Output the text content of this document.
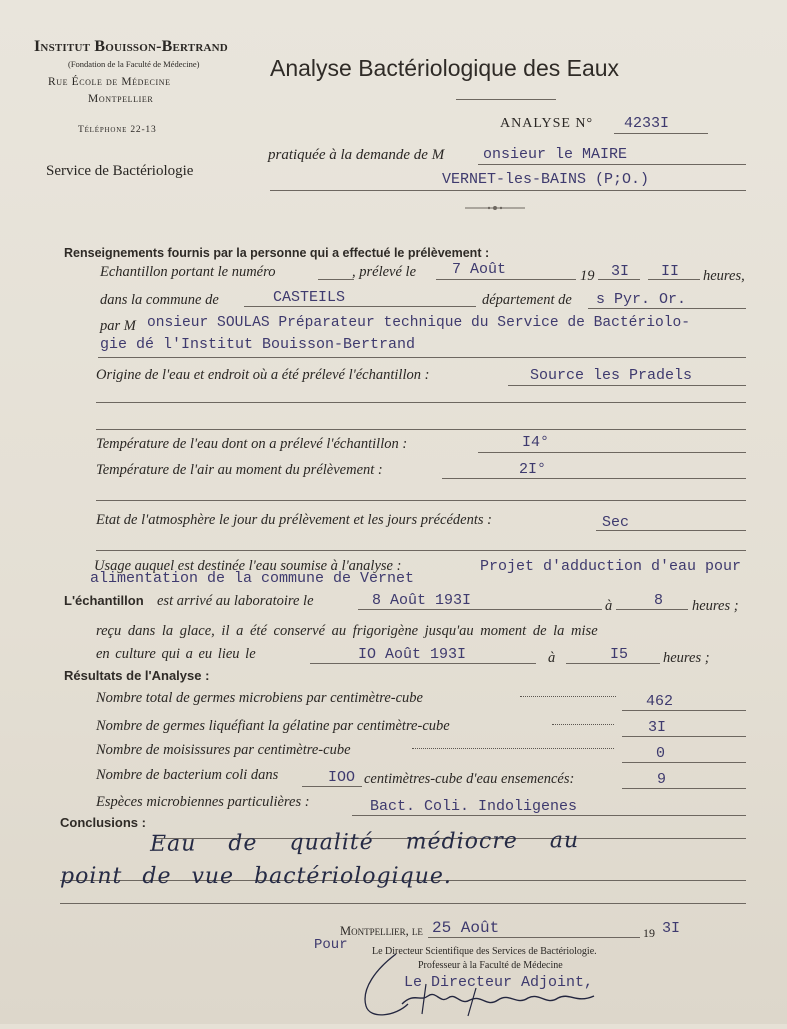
Institut Bouisson-Bertrand
(Fondation de la Faculté de Médecine)
Rue École de Médecine
Montpellier
Téléphone 22-13
Service de Bactériologie
Analyse Bactériologique des Eaux
ANALYSE N° 4233I
pratiquée à la demande de M	onsieur le MAIRE
VERNET-les-BAINS (P;O.)
Renseignements fournis par la personne qui a effectué le prélèvement :
Echantillon portant le numéro	, prélevé le 7 Août	19 3I II heures,
dans la commune de	CASTEILS	département de s Pyr. Or.
par M onsieur SOULAS Préparateur technique du Service de Bactériolo-
gie dé l'Institut Bouisson-Bertrand
Origine de l'eau et endroit où a été prélevé l'échantillon :	Source les Pradels
Température de l'eau dont on a prélevé l'échantillon :	I4°
Température de l'air au moment du prélèvement :	2I°
Etat de l'atmosphère le jour du prélèvement et les jours précédents :	Sec
Usage auquel est destinée l'eau soumise à l'analyse :	Projet d'adduction d'eau pour
alimentation de la commune de Vernet
L'échantillon est arrivé au laboratoire le	8 Août 193I	à	8 heures ;
reçu dans la glace, il a été conservé au frigorigène jusqu'au moment de la mise
en culture qui a eu lieu le	IO Août 193I	à	I5 heures ;
Résultats de l'Analyse :
Nombre total de germes microbiens par centimètre-cube	462
Nombre de germes liquéfiant la gélatine par centimètre-cube	3I
Nombre de moisissures par centimètre-cube	0
Nombre de bacterium coli dans	IOO centimètres-cube d'eau ensemencés:	9
Espèces microbiennes particulières :	Bact. Coli. Indoligenes
Conclusions :
Eau de qualité médiocre au
point de vue bactériologique.
Montpellier, le 25 Août	19 3I
Pour Le Directeur Scientifique des Services de Bactériologie.
Professeur à la Faculté de Médecine
Le Directeur Adjoint,
